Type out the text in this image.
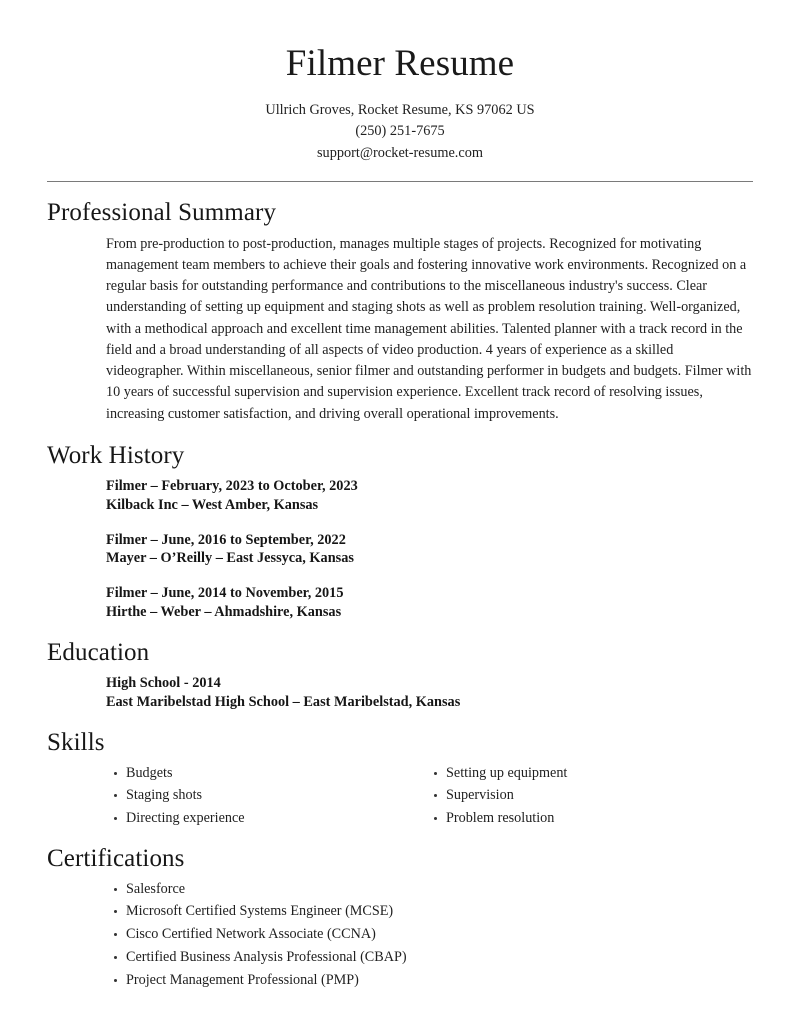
Filmer Resume
Ullrich Groves, Rocket Resume, KS 97062 US
(250) 251-7675
support@rocket-resume.com
Professional Summary

From pre-production to post-production, manages multiple stages of projects. Recognized for motivating management team members to achieve their goals and fostering innovative work environments. Recognized on a regular basis for outstanding performance and contributions to the miscellaneous industry's success. Clear understanding of setting up equipment and staging shots as well as problem resolution training. Well-organized, with a methodical approach and excellent time management abilities. Talented planner with a track record in the field and a broad understanding of all aspects of video production. 4 years of experience as a skilled videographer. Within miscellaneous, senior filmer and outstanding performer in budgets and budgets. Filmer with 10 years of successful supervision and supervision experience. Excellent track record of resolving issues, increasing customer satisfaction, and driving overall operational improvements.

Work History
Filmer – February, 2023 to October, 2023
Kilback Inc – West Amber, Kansas
Filmer – June, 2016 to September, 2022
Mayer – O’Reilly – East Jessyca, Kansas
Filmer – June, 2014 to November, 2015
Hirthe – Weber – Ahmadshire, Kansas
Education
High School - 2014
East Maribelstad High School – East Maribelstad, Kansas
Skills
Budgets
Staging shots
Directing experience
Setting up equipment
Supervision
Problem resolution
Certifications
Salesforce
Microsoft Certified Systems Engineer (MCSE)
Cisco Certified Network Associate (CCNA)
Certified Business Analysis Professional (CBAP)
Project Management Professional (PMP)
